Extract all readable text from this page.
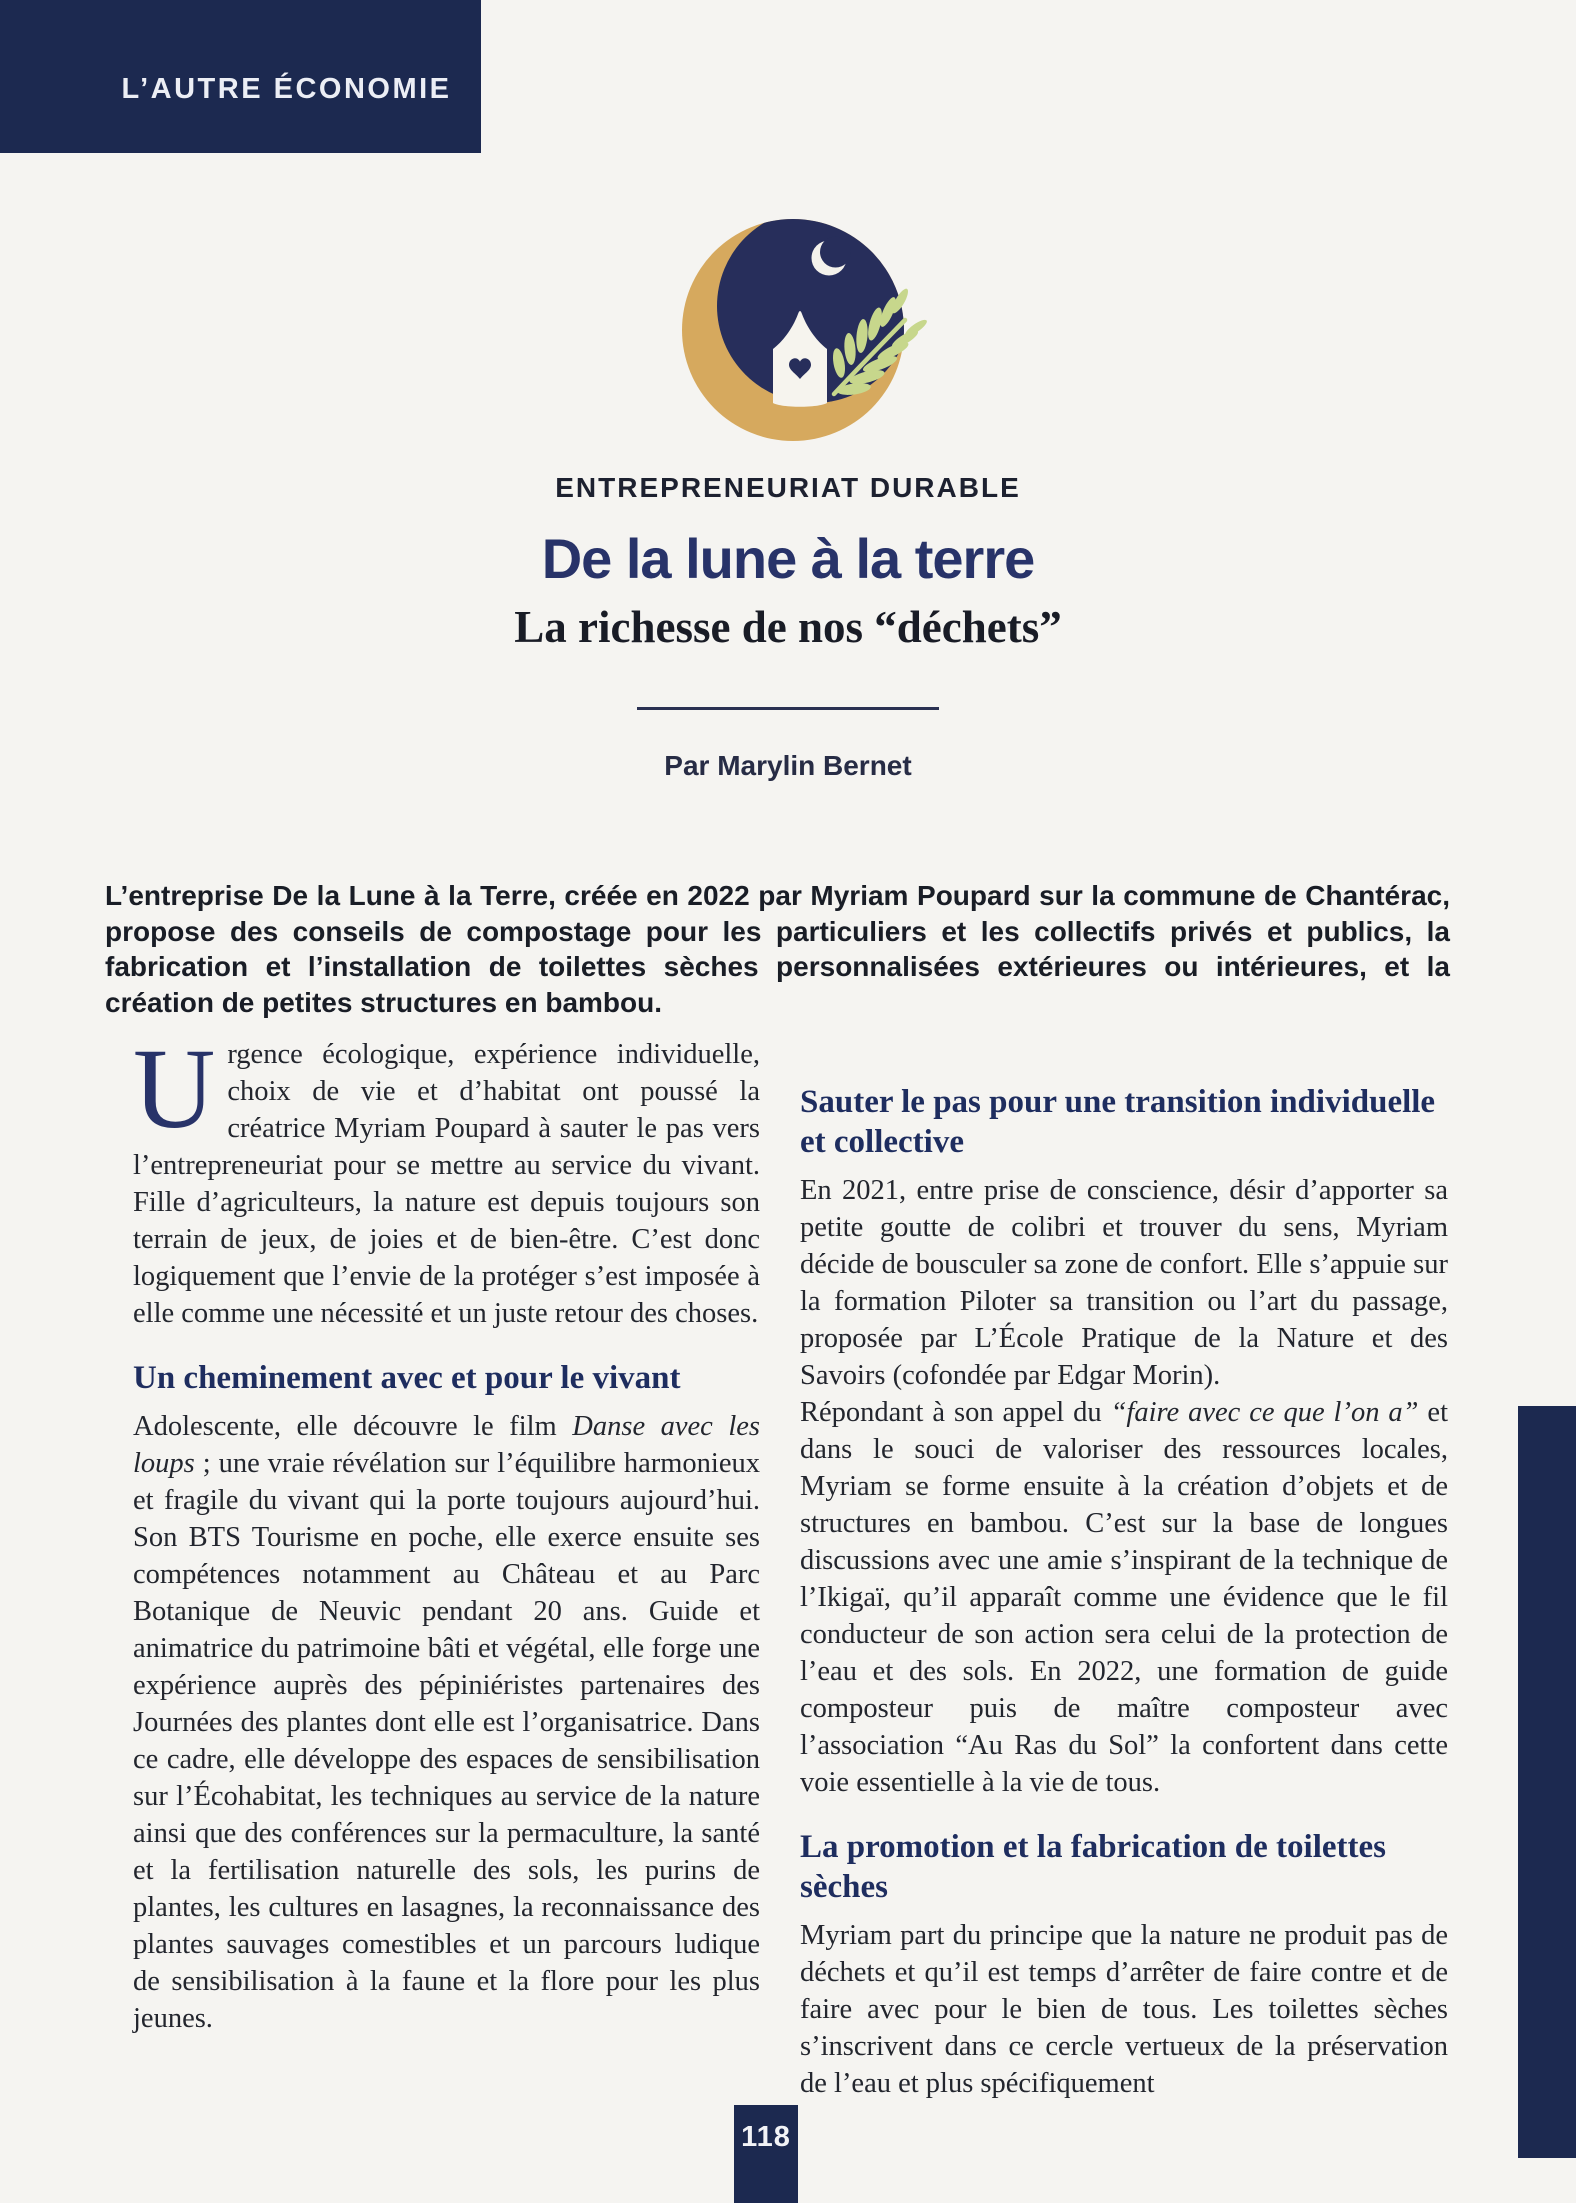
L’AUTRE ÉCONOMIE
ENTREPRENEURIAT DURABLE
De la lune à la terre
La richesse de nos “déchets”
Par Marylin Bernet

L’entreprise De la Lune à la Terre, créée en 2022 par Myriam Poupard sur la commune de Chantérac, propose des conseils de compostage pour les particuliers et les collectifs privés et publics, la fabrication et l’installation de toilettes sèches personnalisées extérieures ou intérieures, et la création de petites structures en bambou.

Urgence écologique, expérience individuelle, choix de vie et d’habitat ont poussé la créatrice Myriam Poupard à sauter le pas vers l’entrepreneuriat pour se mettre au service du vivant. Fille d’agriculteurs, la nature est depuis toujours son terrain de jeux, de joies et de bien-être. C’est donc logiquement que l’envie de la protéger s’est imposée à elle comme une nécessité et un juste retour des choses.

Un cheminement avec et pour le vivant

Adolescente, elle découvre le film Danse avec les loups ; une vraie révélation sur l’équilibre harmonieux et fragile du vivant qui la porte toujours aujourd’hui. Son BTS Tourisme en poche, elle exerce ensuite ses compétences notamment au Château et au Parc Botanique de Neuvic pendant 20 ans. Guide et animatrice du patrimoine bâti et végétal, elle forge une expérience auprès des pépiniéristes partenaires des Journées des plantes dont elle est l’organisatrice. Dans ce cadre, elle développe des espaces de sensibilisation sur l’Écohabitat, les techniques au service de la nature ainsi que des conférences sur la permaculture, la santé et la fertilisation naturelle des sols, les purins de plantes, les cultures en lasagnes, la reconnaissance des plantes sauvages comestibles et un parcours ludique de sensibilisation à la faune et la flore pour les plus jeunes.

Sauter le pas pour une transition individuelle et collective

En 2021, entre prise de conscience, désir d’apporter sa petite goutte de colibri et trouver du sens, Myriam décide de bousculer sa zone de confort. Elle s’appuie sur la formation Piloter sa transition ou l’art du passage, proposée par L’École Pratique de la Nature et des Savoirs (cofondée par Edgar Morin).

Répondant à son appel du “faire avec ce que l’on a” et dans le souci de valoriser des ressources locales, Myriam se forme ensuite à la création d’objets et de structures en bambou. C’est sur la base de longues discussions avec une amie s’inspirant de la technique de l’Ikigaï, qu’il apparaît comme une évidence que le fil conducteur de son action sera celui de la protection de l’eau et des sols. En 2022, une formation de guide composteur puis de maître composteur avec l’association “Au Ras du Sol” la confortent dans cette voie essentielle à la vie de tous.

La promotion et la fabrication de toilettes sèches

Myriam part du principe que la nature ne produit pas de déchets et qu’il est temps d’arrêter de faire contre et de faire avec pour le bien de tous. Les toilettes sèches s’inscrivent dans ce cercle vertueux de la préservation de l’eau et plus spécifiquement

118
